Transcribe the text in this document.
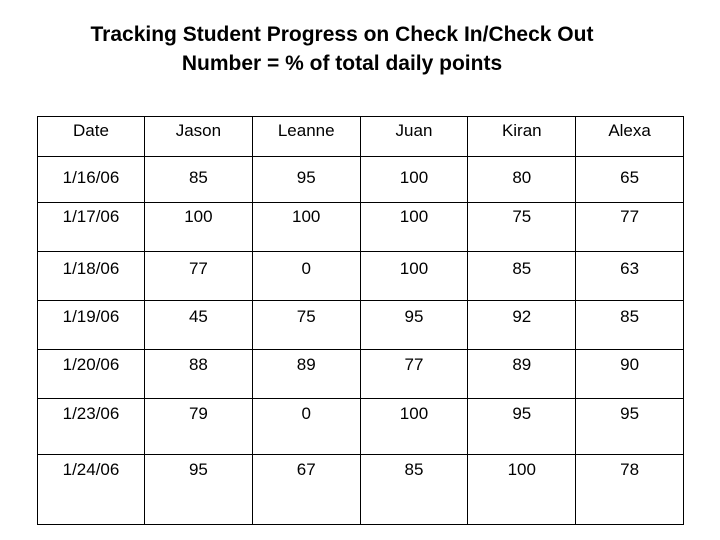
Tracking Student Progress on Check In/Check Out
Number = % of total daily points
Date	Jason	Leanne	Juan	Kiran	Alexa
1/16/06	85	95	100	80	65
1/17/06	100	100	100	75	77
1/18/06	77	0	100	85	63
1/19/06	45	75	95	92	85
1/20/06	88	89	77	89	90
1/23/06	79	0	100	95	95
1/24/06	95	67	85	100	78
